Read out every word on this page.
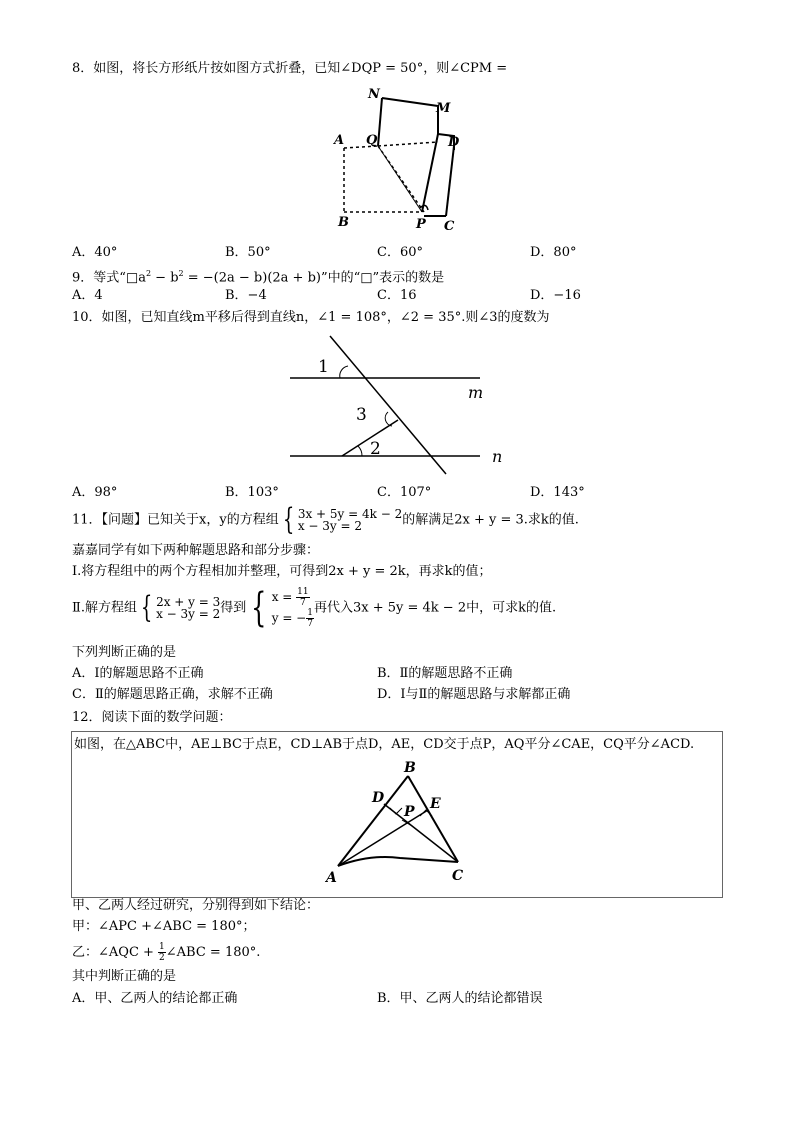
8．如图，将长方形纸片按如图方式折叠，已知∠DQP = 50°，则∠CPM =
N
M
A Q	D
B	P C
A．40°	B．50°	C．60°	D．80°
9．等式“$□a^2 - b^2 = -(2a - b)(2a + b)$”中的“□”表示的数是
A．4	B．−4	C．16	D．−16
10．如图，已知直线m平移后得到直线n，∠1 = 108°，∠2 = 35°.则∠3的度数为
1
m
3
2	n
A．98°	B．103°	C．107°	D．143°
11．【问题】已知关于x，y的方程组 { 3x + 5y = 4k − 2
x − 3y = 2	的解满足2x + y = 3.求k的值.
嘉嘉同学有如下两种解题思路和部分步骤：
Ⅰ.将方程组中的两个方程相加并整理，可得到2x + y = 2k，再求k的值；
Ⅱ.解方程组 { 2x + y = 3
x − 3y = 2得到 { $x = \frac{11}{7}$

y = − $\frac{1}{7}$ 再代入3x + 5y = 4k − 2中，可求k的值.
下列判断正确的是
A．Ⅰ的解题思路不正确	B．Ⅱ的解题思路不正确
C．Ⅱ的解题思路正确，求解不正确	D．Ⅰ与Ⅱ的解题思路与求解都正确
12．阅读下面的数学问题：
如图，在△ABC中，AE⊥BC于点E，CD⊥AB于点D，AE，CD交于点P，AQ平分∠CAE，CQ平分∠ACD.
B
D
P E
A	C
甲、乙两人经过研究，分别得到如下结论：
甲：∠APC +∠ABC = 180°；
乙：∠AQC + $\frac{1}{2}$ ∠ABC = 180°.
其中判断正确的是
A．甲、乙两人的结论都正确	B．甲、乙两人的结论都错误
